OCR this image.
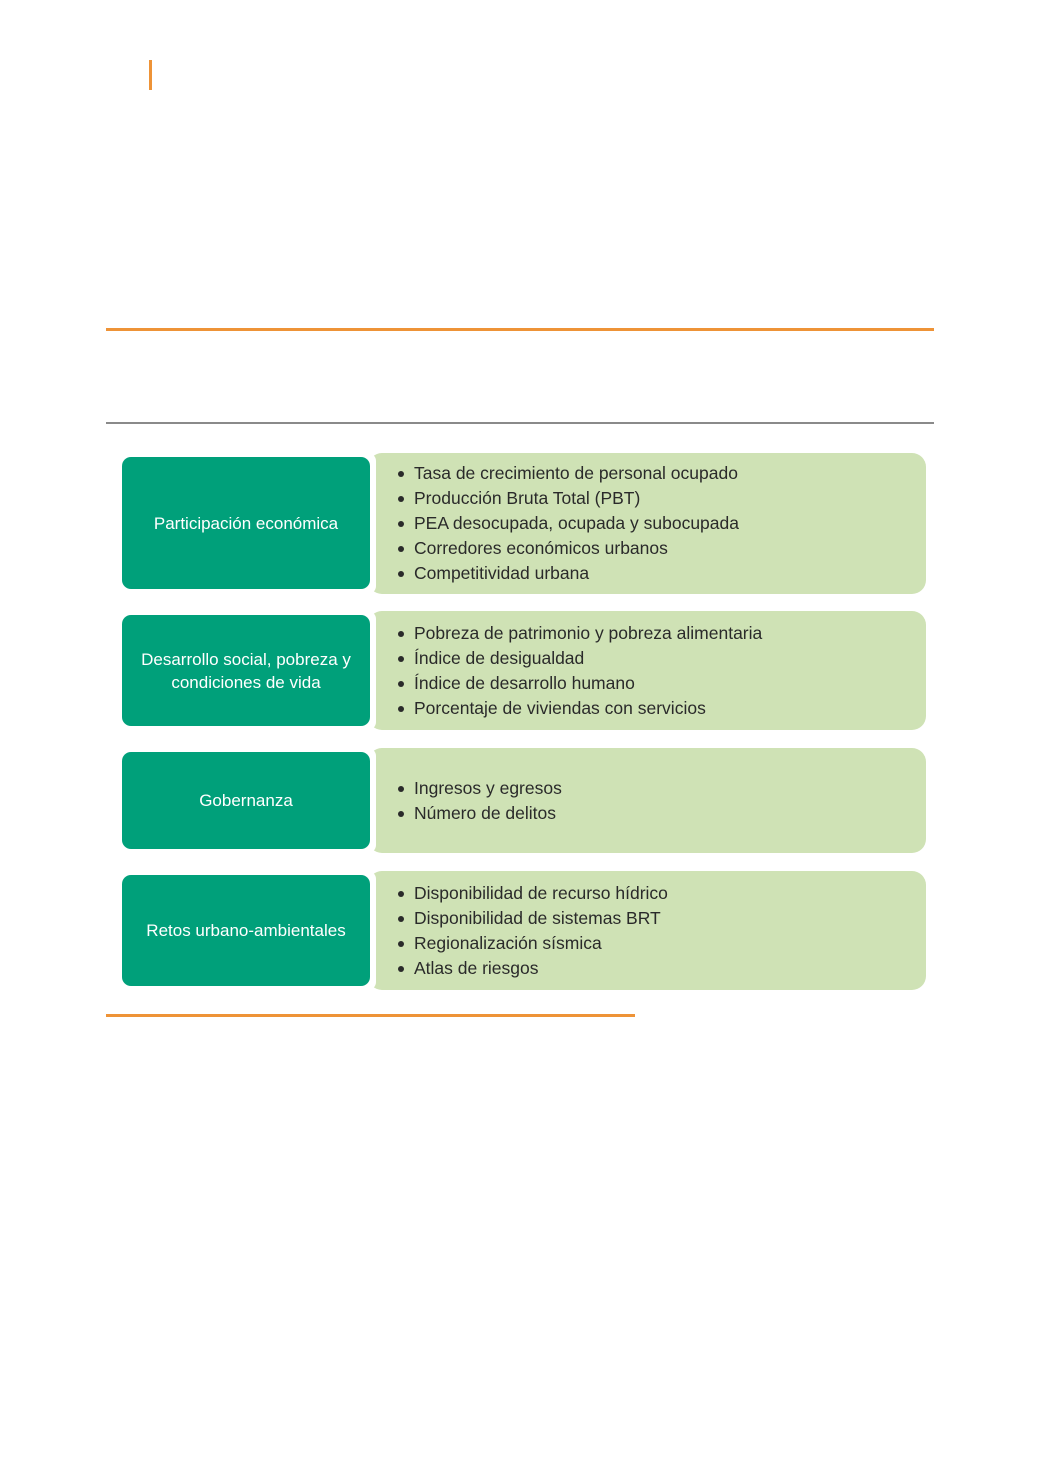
Participación económica
Tasa de crecimiento de personal ocupado
Producción Bruta Total (PBT)
PEA desocupada, ocupada y subocupada
Corredores económicos urbanos
Competitividad urbana
Desarrollo social, pobreza y condiciones de vida
Pobreza de patrimonio y pobreza alimentaria
Índice de desigualdad
Índice de desarrollo humano
Porcentaje de viviendas con servicios
Gobernanza
Ingresos y egresos
Número de delitos
Retos urbano-ambientales
Disponibilidad de recurso hídrico
Disponibilidad de sistemas BRT
Regionalización sísmica
Atlas de riesgos
